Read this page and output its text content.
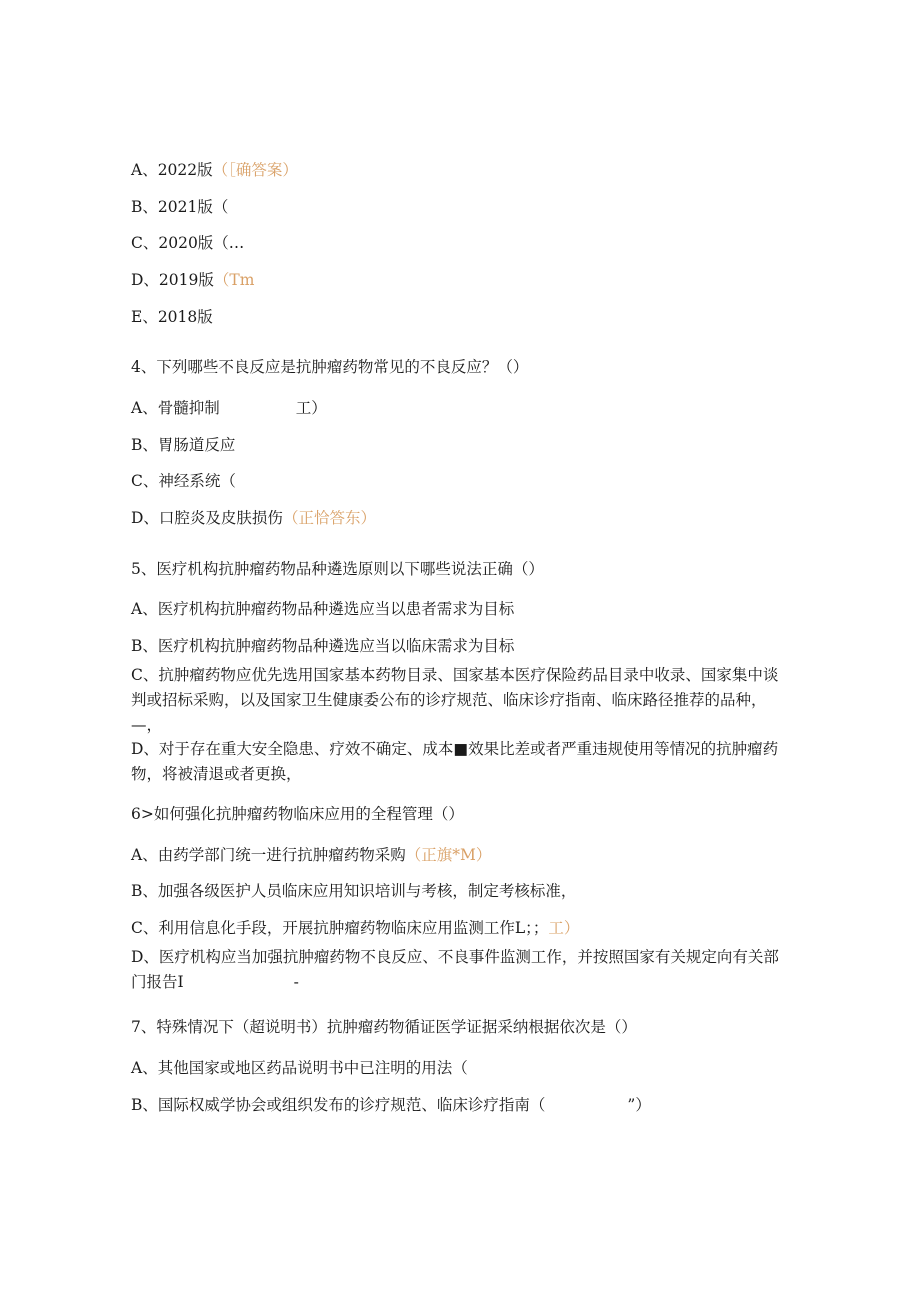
A、2022版（［确答案）
B、2021版（
C、2020版（…
D、2019版（Tm
E、2018版
4、下列哪些不良反应是抗肿瘤药物常见的不良反应？（）
A、骨髓抑制	工）
B、胃肠道反应
C、神经系统（
D、口腔炎及皮肤损伤（正恰答东）
5、医疗机构抗肿瘤药物品种遴选原则以下哪些说法正确（）
A、医疗机构抗肿瘤药物品种遴选应当以患者需求为目标
B、医疗机构抗肿瘤药物品种遴选应当以临床需求为目标
C、抗肿瘤药物应优先选用国家基本药物目录、国家基本医疗保险药品目录中收录、国家集中谈判或招标采购，以及国家卫生健康委公布的诊疗规范、临床诊疗指南、临床路径推荐的品种，—，
D、对于存在重大安全隐患、疗效不确定、成本■效果比差或者严重违规使用等情况的抗肿瘤药物，将被清退或者更换，
6>如何强化抗肿瘤药物临床应用的全程管理（）
A、由药学部门统一进行抗肿瘤药物采购（正旗*M）
B、加强各级医护人员临床应用知识培训与考核，制定考核标准，
C、利用信息化手段，开展抗肿瘤药物临床应用监测工作L；；工）
D、医疗机构应当加强抗肿瘤药物不良反应、不良事件监测工作，并按照国家有关规定向有关部门报告I	-
7、特殊情况下（超说明书）抗肿瘤药物循证医学证据采纳根据依次是（）
A、其他国家或地区药品说明书中已注明的用法（
B、国际权威学协会或组织发布的诊疗规范、临床诊疗指南（	”）
